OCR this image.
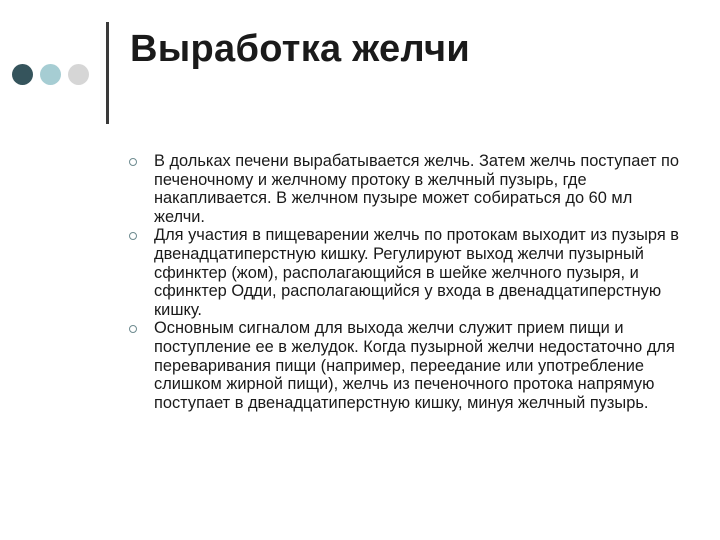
Выработка желчи
В дольках печени вырабатывается желчь. Затем желчь поступает по печеночному и желчному протоку в желчный пузырь, где накапливается. В желчном пузыре может собираться до 60 мл желчи.
Для участия в пищеварении желчь по протокам выходит из пузыря в двенадцатиперстную кишку. Регулируют выход желчи пузырный сфинктер (жом), располагающийся в шейке желчного пузыря, и сфинктер Одди, располагающийся у входа в двенадцатиперстную кишку.
Основным сигналом для выхода желчи служит прием пищи и поступление ее в желудок. Когда пузырной желчи недостаточно для переваривания пищи (например, переедание или употребление слишком жирной пищи), желчь из печеночного протока напрямую поступает в двенадцатиперстную кишку, минуя желчный пузырь.
